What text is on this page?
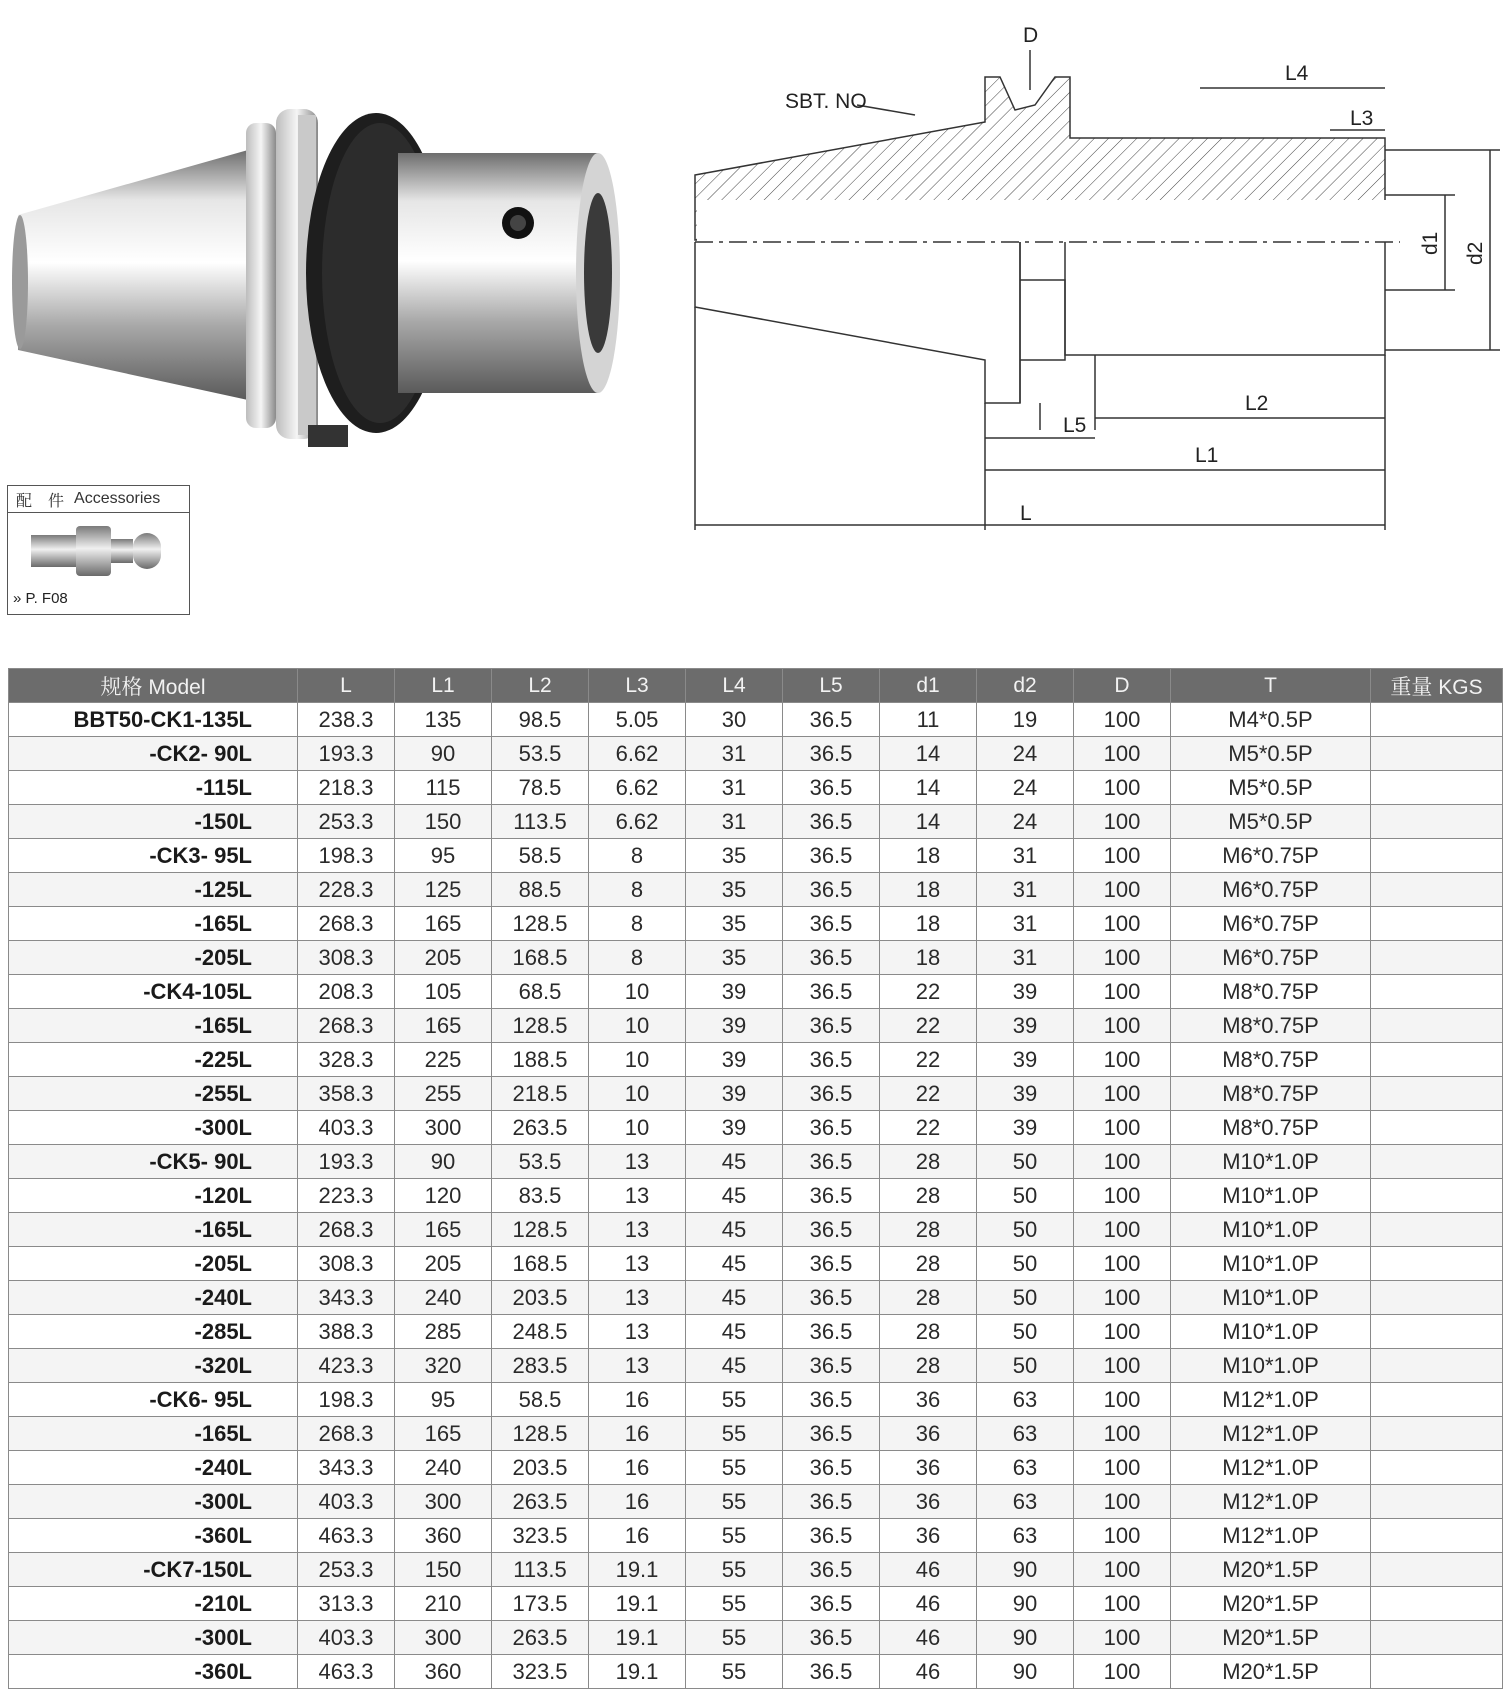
D
L4
L3
SBT. NO
L2
L5
L1
L
d1 d2
配　件 Accessories
» P. F08
规格 Model	L	L1	L2	L3	L4	L5	d1	d2	D	T	重量 KGS
BBT50-CK1-135L	238.3	135	98.5	5.05	30	36.5	11	19	100	M4*0.5P	
-CK2- 90L	193.3	90	53.5	6.62	31	36.5	14	24	100	M5*0.5P	
-115L	218.3	115	78.5	6.62	31	36.5	14	24	100	M5*0.5P	
-150L	253.3	150	113.5	6.62	31	36.5	14	24	100	M5*0.5P	
-CK3- 95L	198.3	95	58.5	8	35	36.5	18	31	100	M6*0.75P	
-125L	228.3	125	88.5	8	35	36.5	18	31	100	M6*0.75P	
-165L	268.3	165	128.5	8	35	36.5	18	31	100	M6*0.75P	
-205L	308.3	205	168.5	8	35	36.5	18	31	100	M6*0.75P	
-CK4-105L	208.3	105	68.5	10	39	36.5	22	39	100	M8*0.75P	
-165L	268.3	165	128.5	10	39	36.5	22	39	100	M8*0.75P	
-225L	328.3	225	188.5	10	39	36.5	22	39	100	M8*0.75P	
-255L	358.3	255	218.5	10	39	36.5	22	39	100	M8*0.75P	
-300L	403.3	300	263.5	10	39	36.5	22	39	100	M8*0.75P	
-CK5- 90L	193.3	90	53.5	13	45	36.5	28	50	100	M10*1.0P	
-120L	223.3	120	83.5	13	45	36.5	28	50	100	M10*1.0P	
-165L	268.3	165	128.5	13	45	36.5	28	50	100	M10*1.0P	
-205L	308.3	205	168.5	13	45	36.5	28	50	100	M10*1.0P	
-240L	343.3	240	203.5	13	45	36.5	28	50	100	M10*1.0P	
-285L	388.3	285	248.5	13	45	36.5	28	50	100	M10*1.0P	
-320L	423.3	320	283.5	13	45	36.5	28	50	100	M10*1.0P	
-CK6- 95L	198.3	95	58.5	16	55	36.5	36	63	100	M12*1.0P	
-165L	268.3	165	128.5	16	55	36.5	36	63	100	M12*1.0P	
-240L	343.3	240	203.5	16	55	36.5	36	63	100	M12*1.0P	
-300L	403.3	300	263.5	16	55	36.5	36	63	100	M12*1.0P	
-360L	463.3	360	323.5	16	55	36.5	36	63	100	M12*1.0P	
-CK7-150L	253.3	150	113.5	19.1	55	36.5	46	90	100	M20*1.5P	
-210L	313.3	210	173.5	19.1	55	36.5	46	90	100	M20*1.5P	
-300L	403.3	300	263.5	19.1	55	36.5	46	90	100	M20*1.5P	
-360L	463.3	360	323.5	19.1	55	36.5	46	90	100	M20*1.5P	
